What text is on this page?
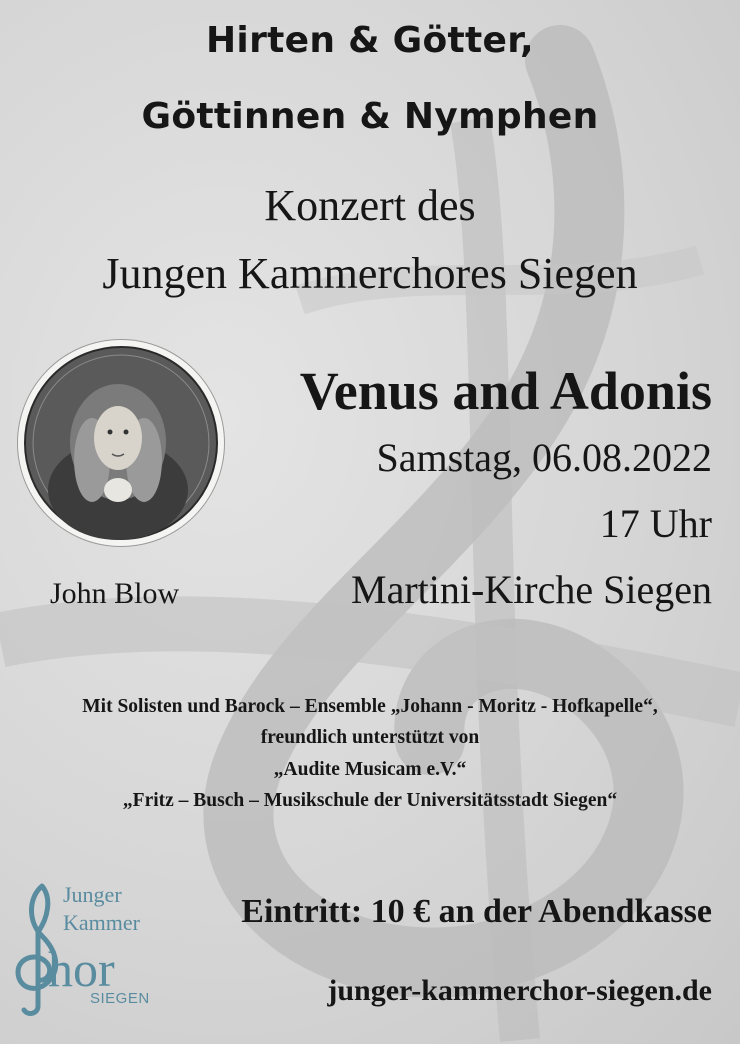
Hirten & Götter,
Göttinnen & Nymphen
Konzert des
Jungen Kammerchores Siegen
Venus and Adonis
Samstag, 06.08.2022
17 Uhr
John Blow	Martini-Kirche Siegen
Mit Solisten und Barock – Ensemble „Johann - Moritz - Hofkapelle“,
freundlich unterstützt von
„Audite Musicam e.V.“
„Fritz – Busch – Musikschule der Universitätsstadt Siegen“
Junger
Kammer
hor
SIEGEN
Eintritt: 10 € an der Abendkasse
junger-kammerchor-siegen.de
